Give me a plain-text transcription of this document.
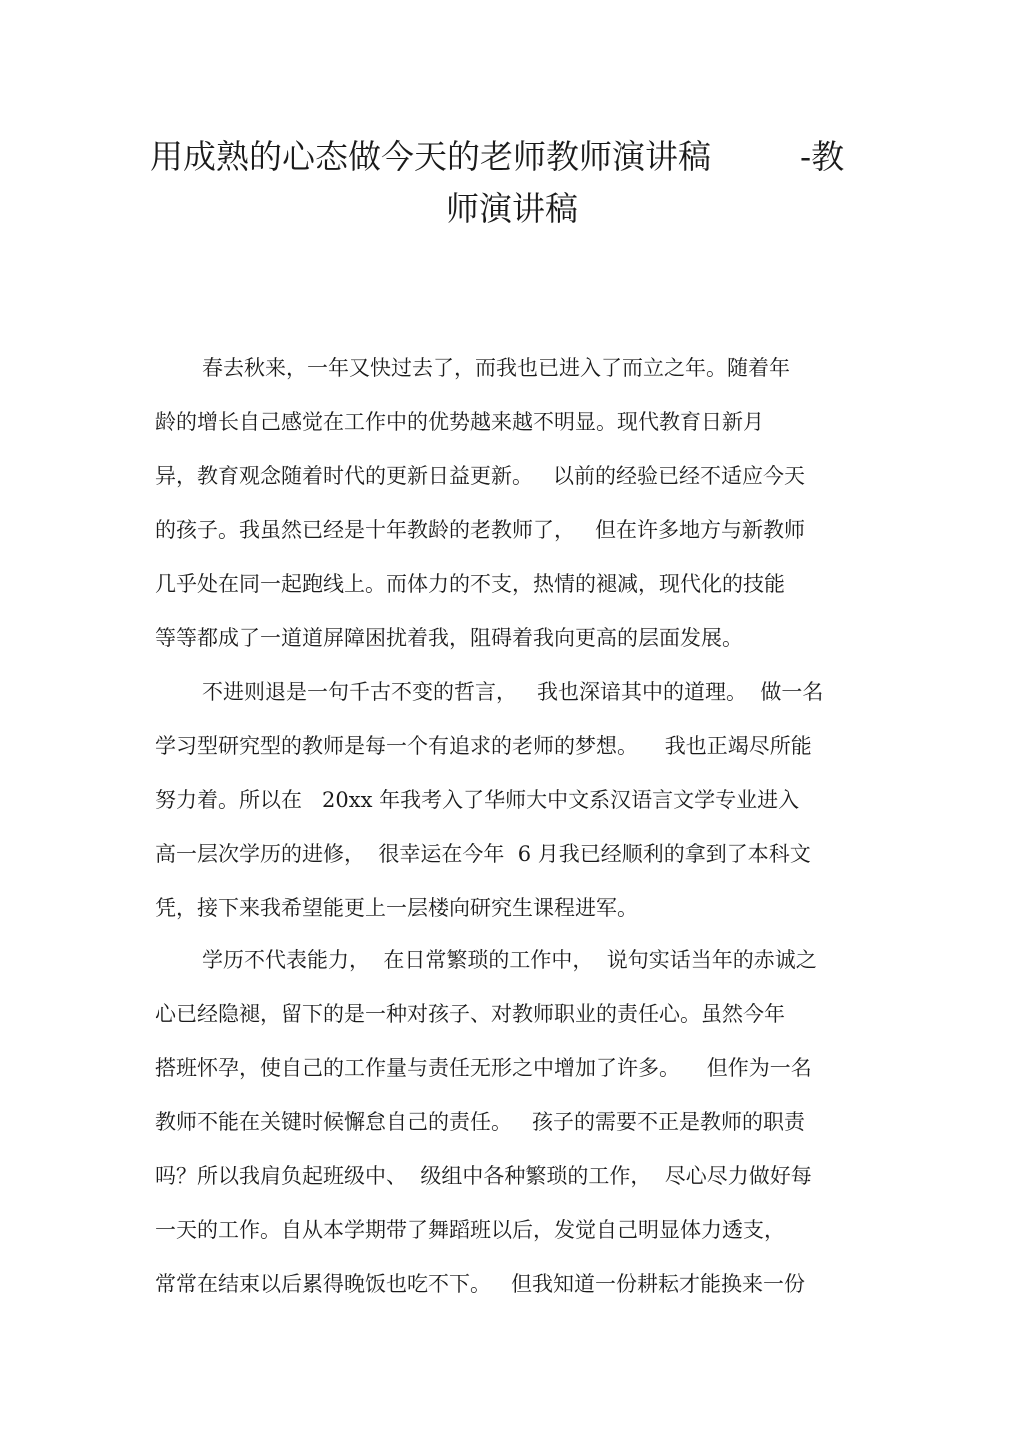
用成熟的心态做今天的老师教师演讲稿	-教
师演讲稿
春去秋来，一年又快过去了，而我也已进入了而立之年。随着年
龄的增长自己感觉在工作中的优势越来越不明显。现代教育日新月
异，教育观念随着时代的更新日益更新。   以前的经验已经不适应今天
的孩子。我虽然已经是十年教龄的老教师了，   但在许多地方与新教师
几乎处在同一起跑线上。而体力的不支，热情的褪减，现代化的技能
等等都成了一道道屏障困扰着我，阻碍着我向更高的层面发展。
不进则退是一句千古不变的哲言，   我也深谙其中的道理。  做一名
学习型研究型的教师是每一个有追求的老师的梦想。    我也正竭尽所能
努力着。所以在   20xx 年我考入了华师大中文系汉语言文学专业进入
高一层次学历的进修，  很幸运在今年  6 月我已经顺利的拿到了本科文
凭，接下来我希望能更上一层楼向研究生课程进军。
学历不代表能力，  在日常繁琐的工作中，  说句实话当年的赤诚之
心已经隐褪，留下的是一种对孩子、对教师职业的责任心。虽然今年
搭班怀孕，使自己的工作量与责任无形之中增加了许多。    但作为一名
教师不能在关键时候懈怠自己的责任。   孩子的需要不正是教师的职责
吗？所以我肩负起班级中、  级组中各种繁琐的工作，  尽心尽力做好每
一天的工作。自从本学期带了舞蹈班以后，发觉自己明显体力透支，
常常在结束以后累得晚饭也吃不下。   但我知道一份耕耘才能换来一份
